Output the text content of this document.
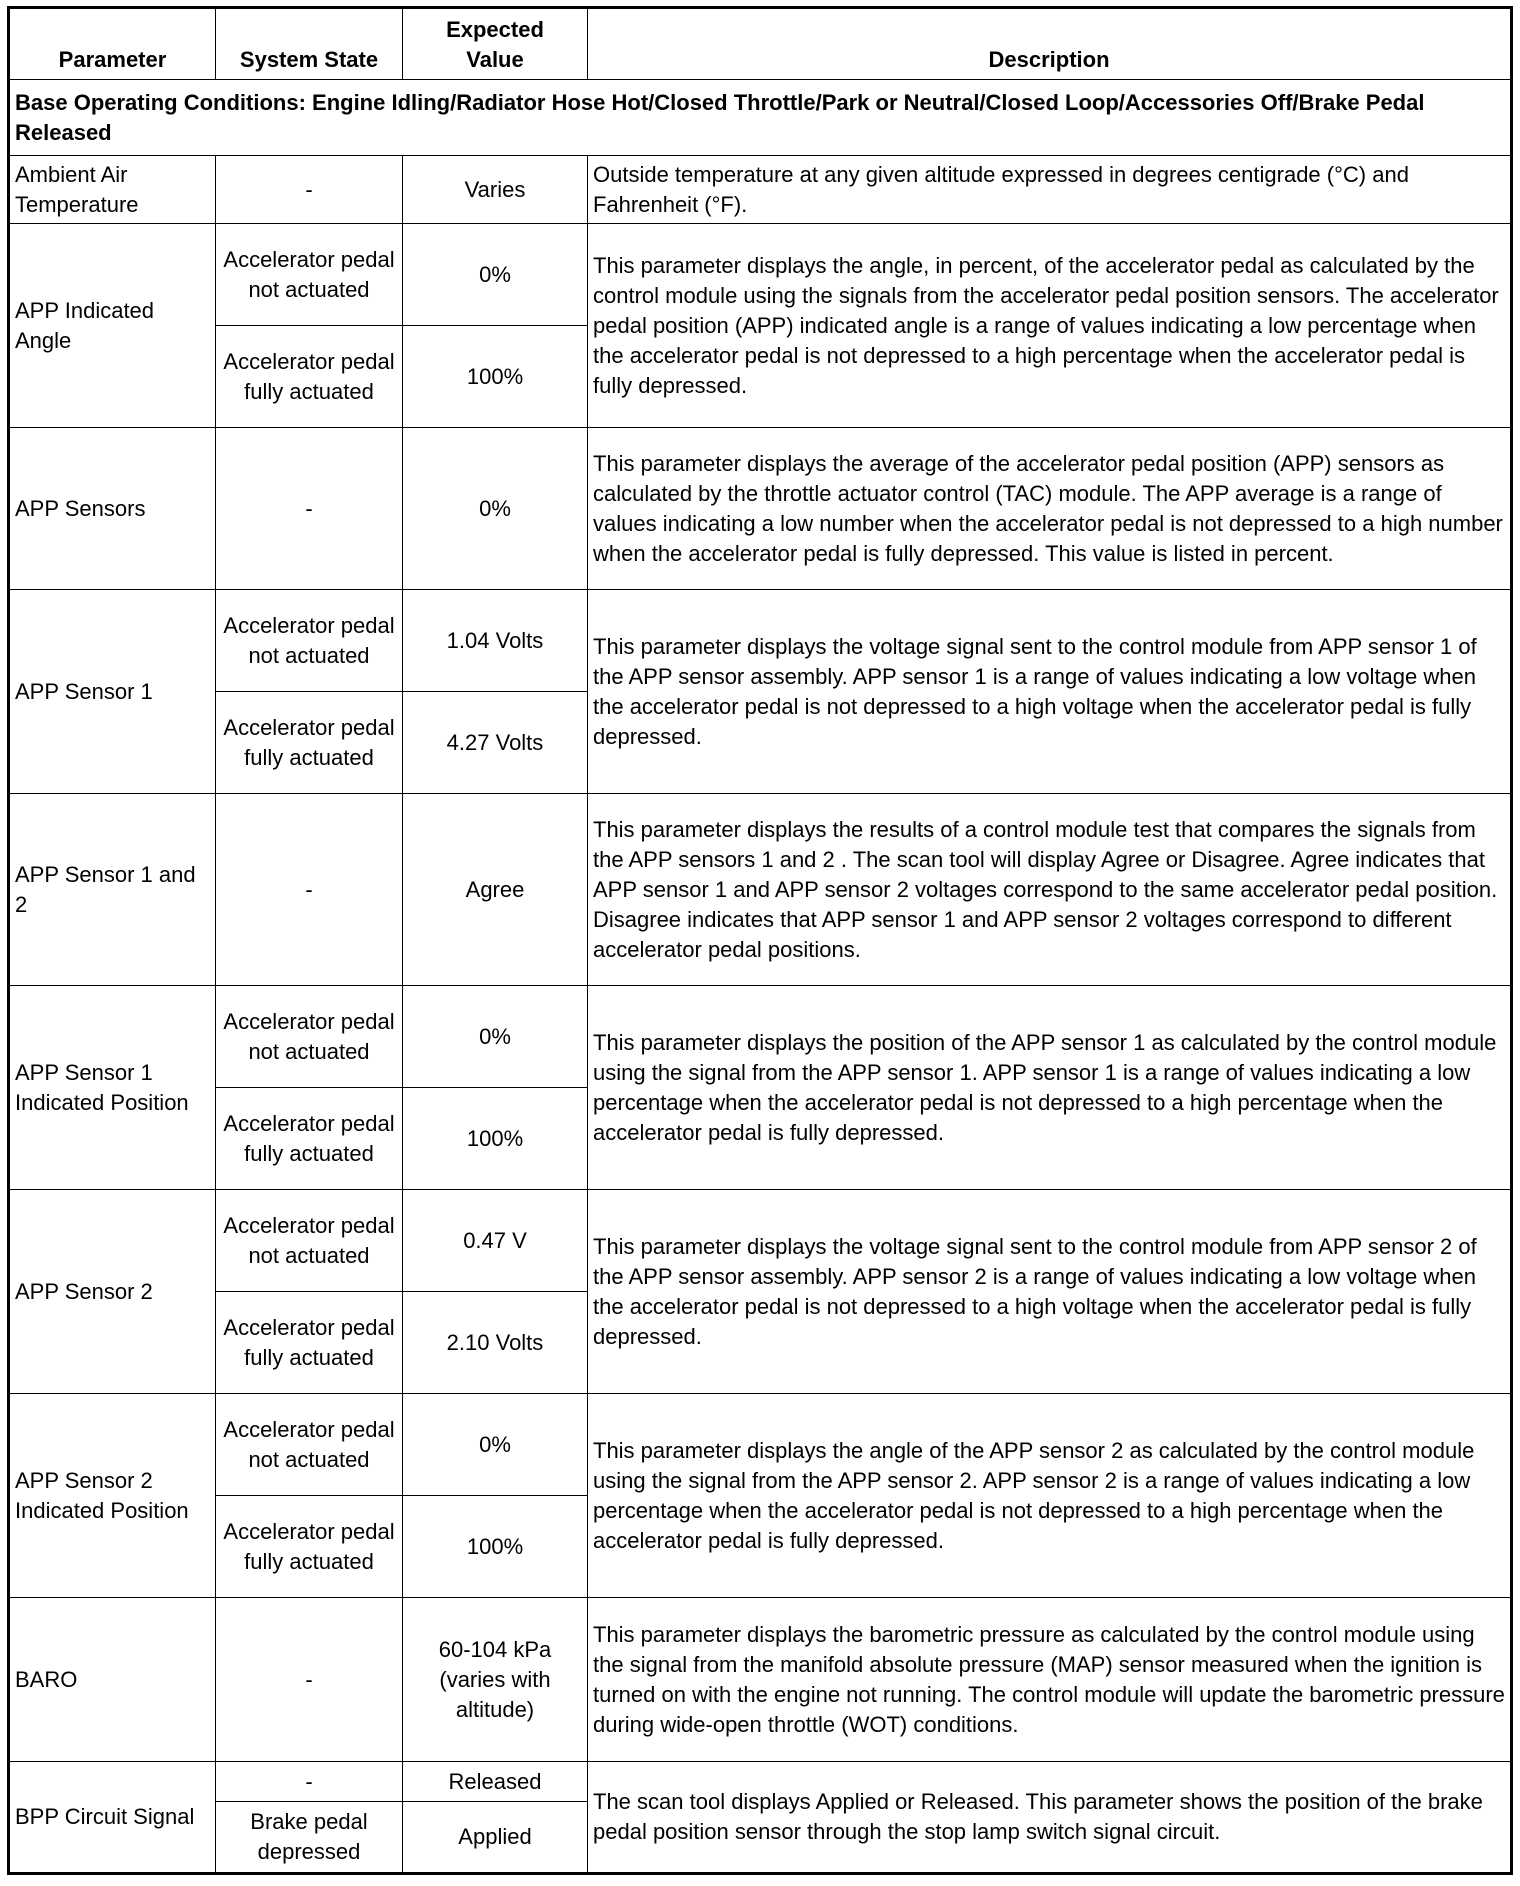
Parameter	System State	Expected Value	Description
Base Operating Conditions: Engine Idling/Radiator Hose Hot/Closed Throttle/Park or Neutral/Closed Loop/Accessories Off/Brake Pedal Released			
Ambient Air Temperature	-	Varies	Outside temperature at any given altitude expressed in degrees centigrade (°C) and Fahrenheit (°F).
APP Indicated Angle	Accelerator pedal not actuated	0%	This parameter displays the angle, in percent, of the accelerator pedal as calculated by the control module using the signals from the accelerator pedal position sensors. The accelerator pedal position (APP) indicated angle is a range of values indicating a low percentage when the accelerator pedal is not depressed to a high percentage when the accelerator pedal is fully depressed.
	Accelerator pedal fully actuated	100%	
APP Sensors	-	0%	This parameter displays the average of the accelerator pedal position (APP) sensors as calculated by the throttle actuator control (TAC) module. The APP average is a range of values indicating a low number when the accelerator pedal is not depressed to a high number when the accelerator pedal is fully depressed. This value is listed in percent.
APP Sensor 1	Accelerator pedal not actuated	1.04 Volts	This parameter displays the voltage signal sent to the control module from APP sensor 1 of the APP sensor assembly. APP sensor 1 is a range of values indicating a low voltage when the accelerator pedal is not depressed to a high voltage when the accelerator pedal is fully depressed.
	Accelerator pedal fully actuated	4.27 Volts	
APP Sensor 1 and 2	-	Agree	This parameter displays the results of a control module test that compares the signals from the APP sensors 1 and 2 . The scan tool will display Agree or Disagree. Agree indicates that APP sensor 1 and APP sensor 2 voltages correspond to the same accelerator pedal position. Disagree indicates that APP sensor 1 and APP sensor 2 voltages correspond to different accelerator pedal positions.
APP Sensor 1 Indicated Position	Accelerator pedal not actuated	0%	This parameter displays the position of the APP sensor 1 as calculated by the control module using the signal from the APP sensor 1. APP sensor 1 is a range of values indicating a low percentage when the accelerator pedal is not depressed to a high percentage when the accelerator pedal is fully depressed.
	Accelerator pedal fully actuated	100%	
APP Sensor 2	Accelerator pedal not actuated	0.47 V	This parameter displays the voltage signal sent to the control module from APP sensor 2 of the APP sensor assembly. APP sensor 2 is a range of values indicating a low voltage when the accelerator pedal is not depressed to a high voltage when the accelerator pedal is fully depressed.
	Accelerator pedal fully actuated	2.10 Volts	
APP Sensor 2 Indicated Position	Accelerator pedal not actuated	0%	This parameter displays the angle of the APP sensor 2 as calculated by the control module using the signal from the APP sensor 2. APP sensor 2 is a range of values indicating a low percentage when the accelerator pedal is not depressed to a high percentage when the accelerator pedal is fully depressed.
	Accelerator pedal fully actuated	100%	
BARO	-	60-104 kPa (varies with altitude)	This parameter displays the barometric pressure as calculated by the control module using the signal from the manifold absolute pressure (MAP) sensor measured when the ignition is turned on with the engine not running. The control module will update the barometric pressure during wide-open throttle (WOT) conditions.
BPP Circuit Signal	-	Released	The scan tool displays Applied or Released. This parameter shows the position of the brake pedal position sensor through the stop lamp switch signal circuit.
	Brake pedal depressed	Applied	
